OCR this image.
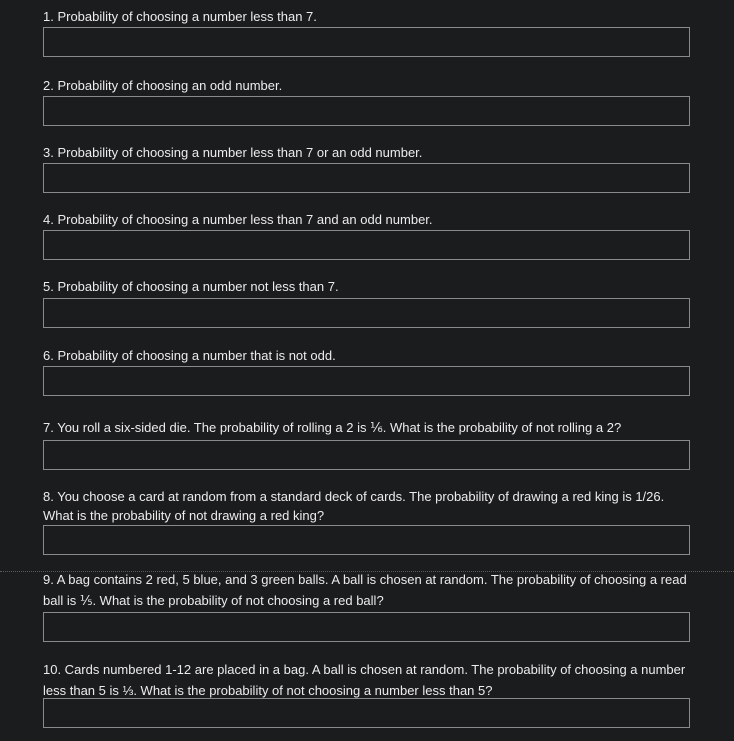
1. Probability of choosing a number less than 7.
2. Probability of choosing an odd number.
3. Probability of choosing a number less than 7 or an odd number.
4. Probability of choosing a number less than 7 and an odd number.
5. Probability of choosing a number not less than 7.
6. Probability of choosing a number that is not odd.
7. You roll a six-sided die. The probability of rolling a 2 is ⅙. What is the probability of not rolling a 2?
8. You choose a card at random from a standard deck of cards. The probability of drawing a red king is 1/26. What is the probability of not drawing a red king?
9. A bag contains 2 red, 5 blue, and 3 green balls. A ball is chosen at random. The probability of choosing a read ball is ⅕. What is the probability of not choosing a red ball?
10. Cards numbered 1-12 are placed in a bag. A ball is chosen at random. The probability of choosing a number less than 5 is ⅓. What is the probability of not choosing a number less than 5?
